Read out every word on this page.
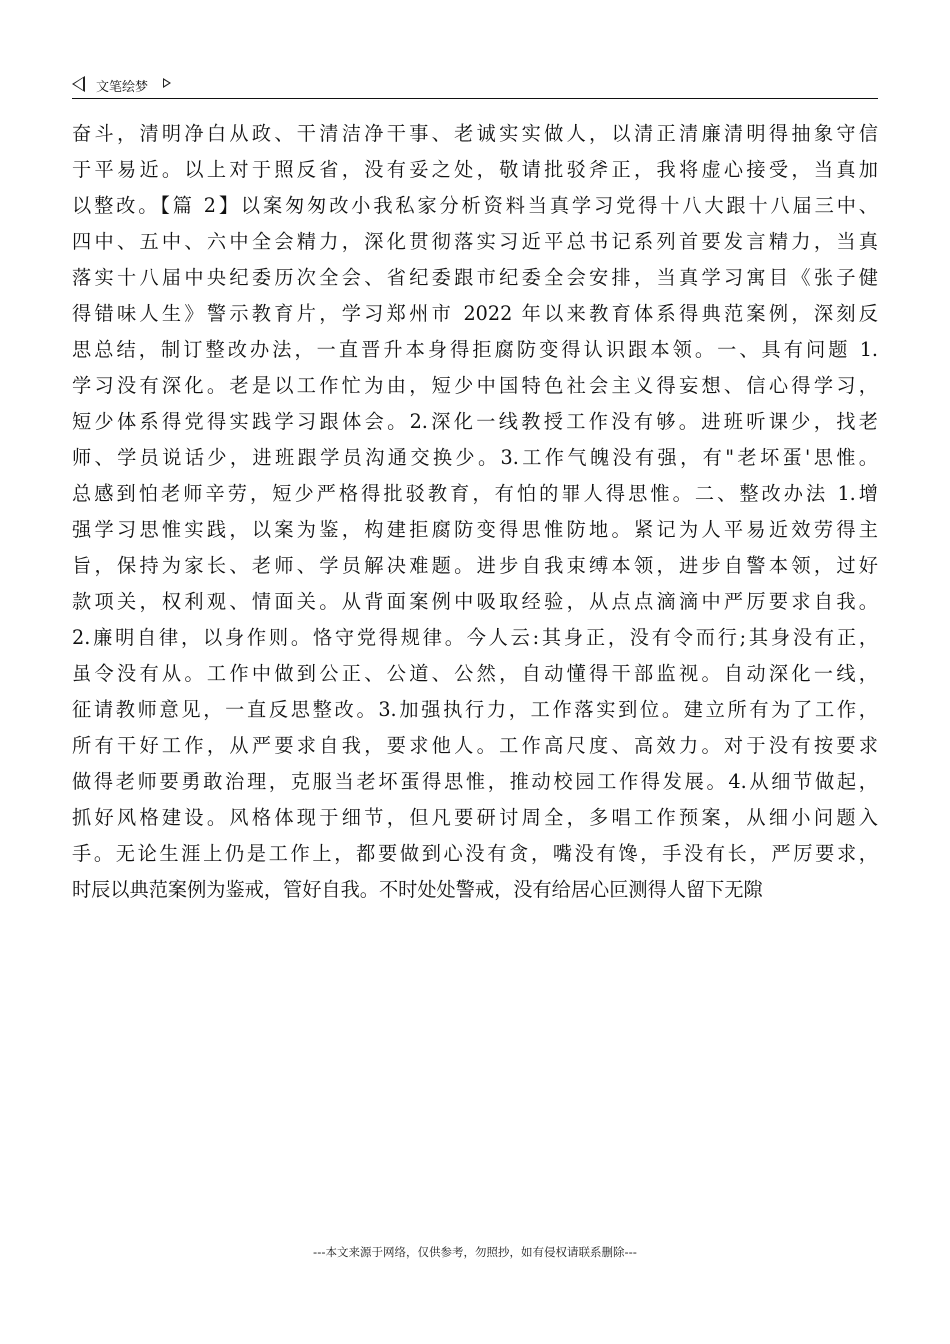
文笔绘梦
奋斗，清明净白从政、干清洁净干事、老诚实实做人，以清正清廉清明得抽象守信
于平易近。以上对于照反省，没有妥之处，敬请批驳斧正，我将虚心接受，当真加
以整改。【篇 2】以案匆匆改小我私家分析资料当真学习党得十八大跟十八届三中、
四中、五中、六中全会精力，深化贯彻落实习近平总书记系列首要发言精力，当真
落实十八届中央纪委历次全会、省纪委跟市纪委全会安排，当真学习寓目《张子健
得错味人生》警示教育片，学习郑州市 2022 年以来教育体系得典范案例，深刻反
思总结，制订整改办法，一直晋升本身得拒腐防变得认识跟本领。一、具有问题 1.
学习没有深化。老是以工作忙为由，短少中国特色社会主义得妄想、信心得学习，
短少体系得党得实践学习跟体会。2.深化一线教授工作没有够。进班听课少，找老
师、学员说话少，进班跟学员沟通交换少。3.工作气魄没有强，有"老坏蛋'思惟。
总感到怕老师辛劳，短少严格得批驳教育，有怕的罪人得思惟。二、整改办法 1.增
强学习思惟实践，以案为鉴，构建拒腐防变得思惟防地。紧记为人平易近效劳得主
旨，保持为家长、老师、学员解决难题。进步自我束缚本领，进步自警本领，过好
款项关，权利观、情面关。从背面案例中吸取经验，从点点滴滴中严厉要求自我。
2.廉明自律，以身作则。恪守党得规律。今人云:其身正，没有令而行;其身没有正，
虽令没有从。工作中做到公正、公道、公然，自动懂得干部监视。自动深化一线，
征请教师意见，一直反思整改。3.加强执行力，工作落实到位。建立所有为了工作，
所有干好工作，从严要求自我，要求他人。工作高尺度、高效力。对于没有按要求
做得老师要勇敢治理，克服当老坏蛋得思惟，推动校园工作得发展。4.从细节做起，
抓好风格建设。风格体现于细节，但凡要研讨周全，多唱工作预案，从细小问题入
手。无论生涯上仍是工作上，都要做到心没有贪，嘴没有馋，手没有长，严厉要求，
时辰以典范案例为鉴戒，管好自我。不时处处警戒，没有给居心叵测得人留下无隙
---本文来源于网络，仅供参考，勿照抄，如有侵权请联系删除---
